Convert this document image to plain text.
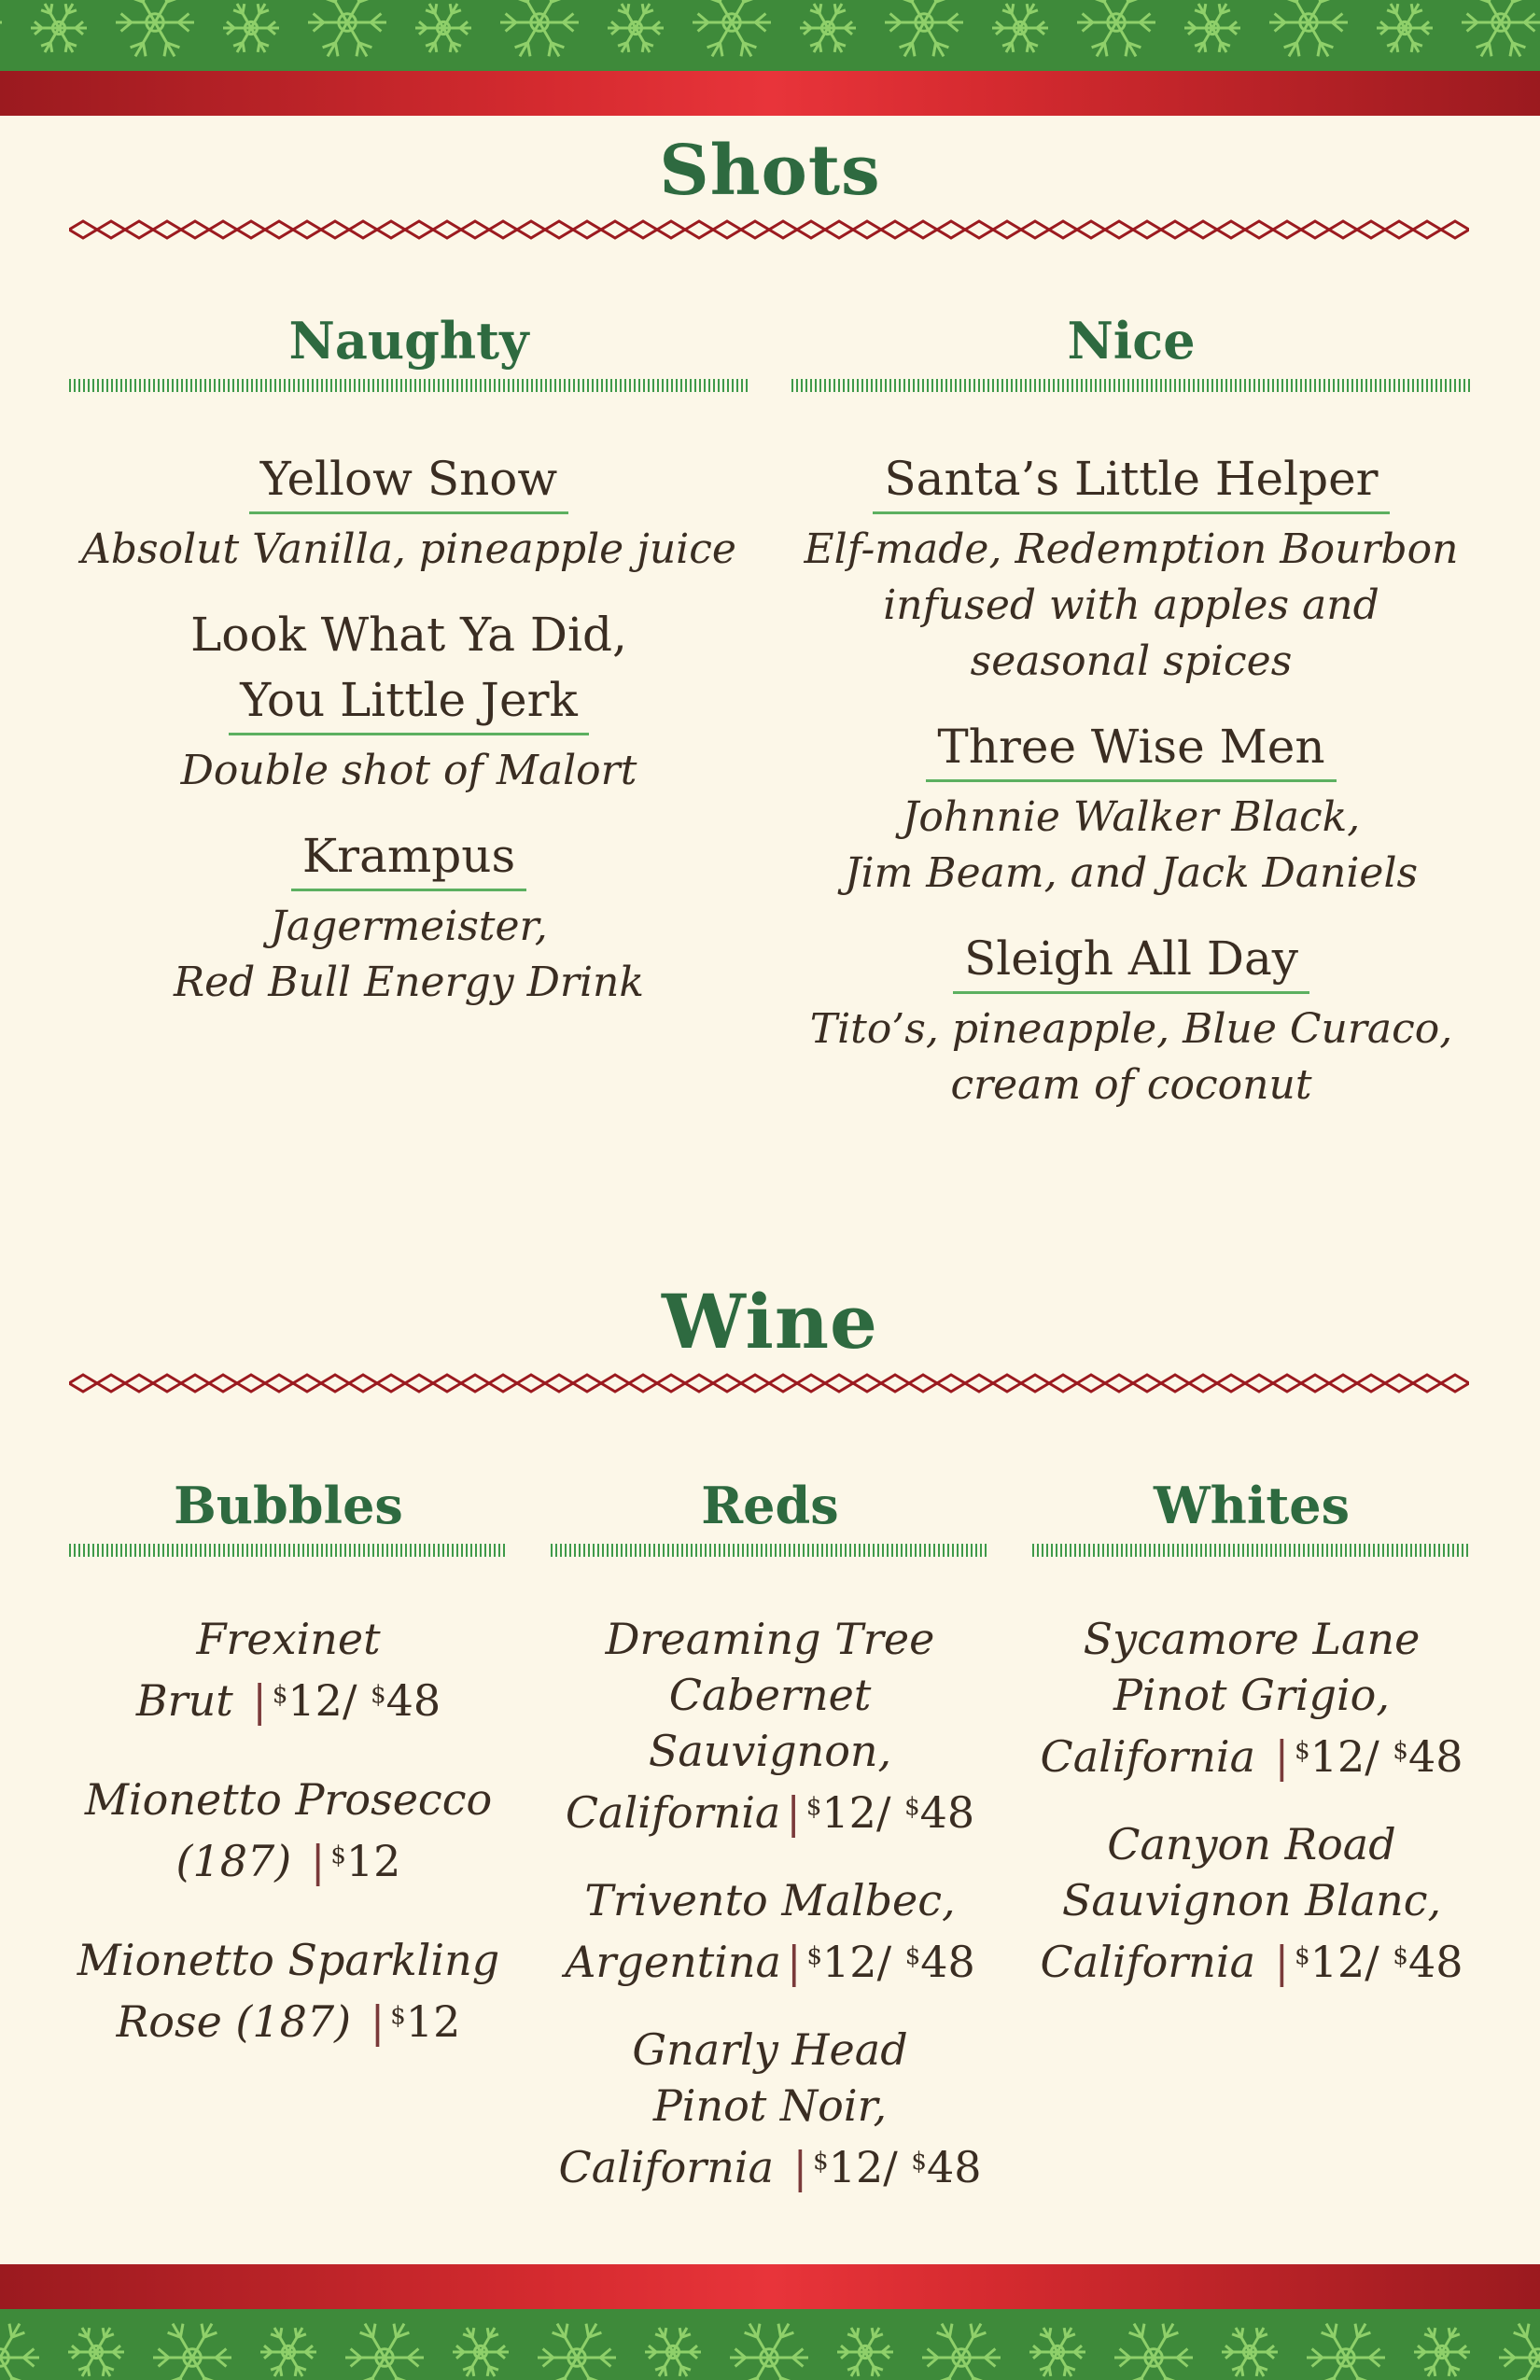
Shots
Naughty
Yellow Snow

Absolut Vanilla, pineapple juice

Look What Ya Did,
You Little Jerk

Double shot of Malort

Krampus

Jagermeister,

Red Bull Energy Drink

Nice
Santa’s Little Helper

Elf-made, Redemption Bourbon

infused with apples and

seasonal spices

Three Wise Men

Johnnie Walker Black,

Jim Beam, and Jack Daniels

Sleigh All Day

Tito’s, pineapple, Blue Curaco,

cream of coconut

Wine
Bubbles
Frexinet
Brut | $12/ $48
Mionetto Prosecco
(187) | $12
Mionetto Sparkling
Rose (187) | $12
Reds
Dreaming Tree
Cabernet Sauvignon,
California | $12/ $48
Trivento Malbec,
Argentina | $12/ $48
Gnarly Head
Pinot Noir,
California | $12/ $48
Whites
Sycamore Lane
Pinot Grigio,
California | $12/ $48
Canyon Road
Sauvignon Blanc,
California | $12/ $48
